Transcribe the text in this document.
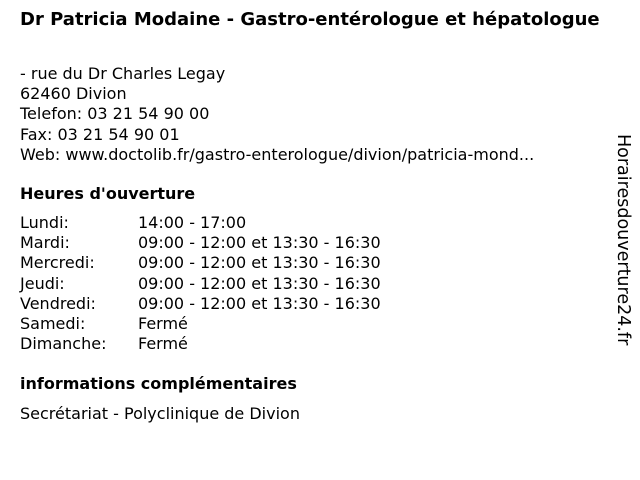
Dr Patricia Modaine - Gastro-entérologue et hépatologue
- rue du Dr Charles Legay
62460 Divion
Telefon: 03 21 54 90 00
Fax: 03 21 54 90 01
Web: www.doctolib.fr/gastro-enterologue/divion/patricia-mond...
Heures d'ouverture
Lundi:	14:00 - 17:00
Mardi:	09:00 - 12:00 et 13:30 - 16:30
Mercredi:	09:00 - 12:00 et 13:30 - 16:30
Jeudi:	09:00 - 12:00 et 13:30 - 16:30
Vendredi:	09:00 - 12:00 et 13:30 - 16:30
Samedi:	Fermé
Dimanche:	Fermé
informations complémentaires
Secrétariat - Polyclinique de Divion
Horairesdouverture24.fr
